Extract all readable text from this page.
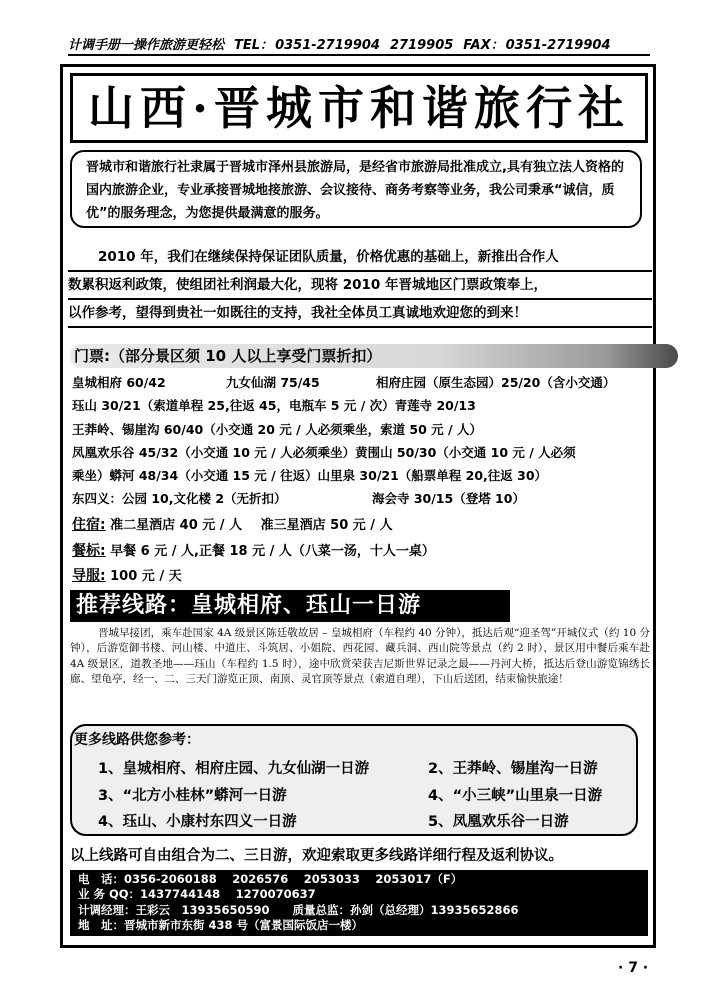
计调手册一操作旅游更轻松 TEL： 0351-2719904 2719905 FAX： 0351-2719904
山西·晋城市和谐旅行社
晋城市和谐旅行社隶属于晋城市泽州县旅游局，是经省市旅游局批准成立,具有独立法人资格的国内旅游企业，专业承接晋城地接旅游、会议接待、商务考察等业务，我公司秉承“诚信，质优”的服务理念，为您提供最满意的服务。
2010 年，我们在继续保持保证团队质量，价格优惠的基础上，新推出合作人
数累积返利政策，使组团社利润最大化，现将 2010 年晋城地区门票政策奉上，
以作参考，望得到贵社一如既往的支持，我社全体员工真诚地欢迎您的到来！
门票:（部分景区须 10 人以上享受门票折扣）
皇城相府 60/42	九女仙湖 75/45	相府庄园（原生态园）25/20（含小交通）
珏山 30/21（索道单程 25,往返 45，电瓶车 5 元 / 次）青莲寺 20/13
王莽岭、锡崖沟 60/40（小交通 20 元 / 人必须乘坐，索道 50 元 / 人）
凤凰欢乐谷 45/32（小交通 10 元 / 人必须乘坐）黄围山 50/30（小交通 10 元 / 人必须
乘坐）蟒河 48/34（小交通 15 元 / 往返）山里泉 30/21（船票单程 20,往返 30）
东四义：公园 10,文化楼 2（无折扣）	海会寺 30/15（登塔 10）
住宿: 准二星酒店 40 元 / 人 准三星酒店 50 元 / 人
餐标: 早餐 6 元 / 人,正餐 18 元 / 人（八菜一汤，十人一桌）
导服: 100 元 / 天
推荐线路：皇城相府、珏山一日游
晋城早接团，乘车赴国家 4A 级景区陈廷敬故居 – 皇城相府（车程约 40 分钟），抵达后观“迎圣驾”开城仪式（约 10 分钟），后游览御书楼、河山楼、中道庄、斗筑居、小姐院、西花园、藏兵洞、西山院等景点（约 2 时），景区用中餐后乘车赴 4A 级景区，道教圣地——珏山（车程约 1.5 时），途中欣赏荣获吉尼斯世界记录之最——丹河大桥，抵达后登山游览锦绣长廊、望龟亭，经一、二、三天门游览正顶、南顶、灵官顶等景点（索道自理），下山后送团，结束愉快旅途！
更多线路供您参考：
1、皇城相府、相府庄园、九女仙湖一日游	2、王莽岭、锡崖沟一日游
3、“北方小桂林”蟒河一日游	4、“小三峡”山里泉一日游
4、珏山、小康村东四义一日游	5、凤凰欢乐谷一日游
以上线路可自由组合为二、三日游，欢迎索取更多线路详细行程及返利协议。
电　话：0356-2060188　 2026576　 2053033　 2053017（F）
业 务 QQ：1437744148　 1270070637
计调经理：王彩云　13935650590　　质量总监：孙剑（总经理）13935652866
地　址：晋城市新市东街 438 号（富景国际饭店一楼）
· 7 ·
